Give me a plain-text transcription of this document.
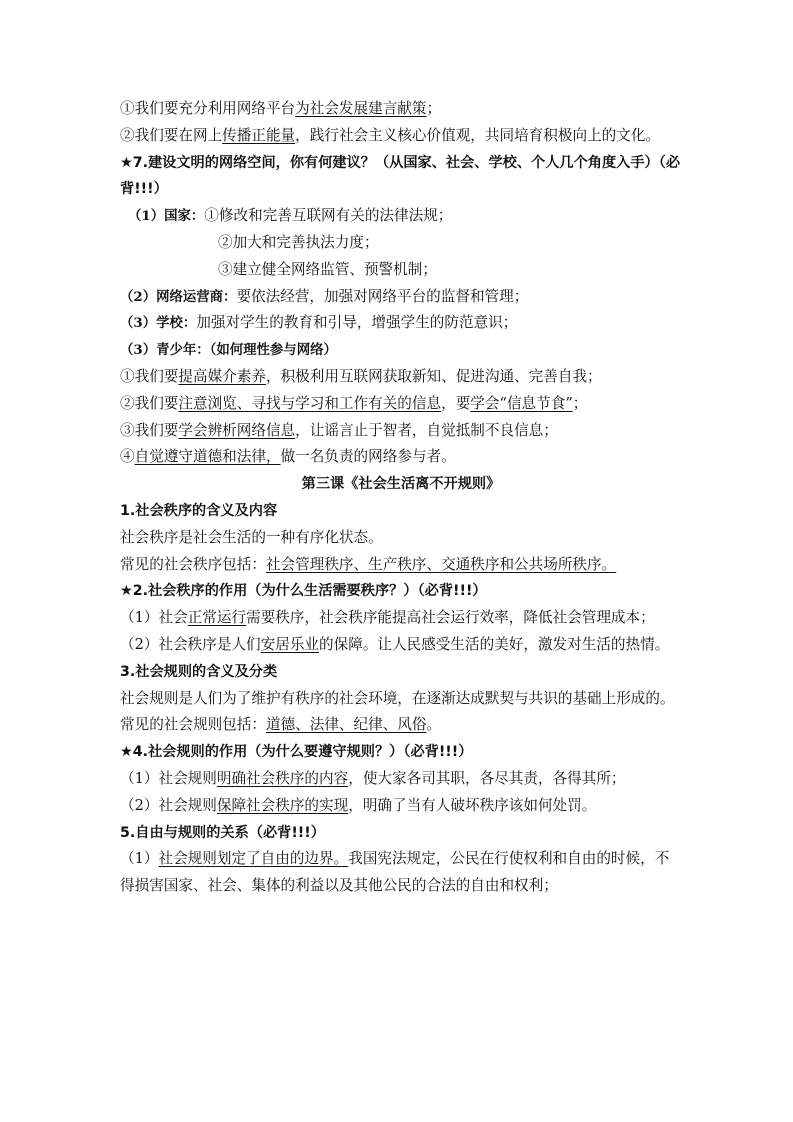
①我们要充分利用网络平台为社会发展建言献策；
②我们要在网上传播正能量，践行社会主义核心价值观，共同培育积极向上的文化。
★7.建设文明的网络空间，你有何建议？（从国家、社会、学校、个人几个角度入手）（必背!!!）
（1）国家：①修改和完善互联网有关的法律法规；
②加大和完善执法力度；
③建立健全网络监管、预警机制；
（2）网络运营商：要依法经营，加强对网络平台的监督和管理；
（3）学校：加强对学生的教育和引导，增强学生的防范意识；
（3）青少年：（如何理性参与网络）
①我们要提高媒介素养，积极利用互联网获取新知、促进沟通、完善自我；
②我们要注意浏览、寻找与学习和工作有关的信息，要学会“信息节食”；
③我们要学会辨析网络信息，让谣言止于智者，自觉抵制不良信息；
④自觉遵守道德和法律，做一名负责的网络参与者。
第三课《社会生活离不开规则》
1.社会秩序的含义及内容
社会秩序是社会生活的一种有序化状态。
常见的社会秩序包括：社会管理秩序、生产秩序、交通秩序和公共场所秩序。
★2.社会秩序的作用（为什么生活需要秩序？）（必背!!!）
（1）社会正常运行需要秩序，社会秩序能提高社会运行效率，降低社会管理成本；
（2）社会秩序是人们安居乐业的保障。让人民感受生活的美好，激发对生活的热情。
3.社会规则的含义及分类
社会规则是人们为了维护有秩序的社会环境，在逐渐达成默契与共识的基础上形成的。
常见的社会规则包括：道德、法律、纪律、风俗。
★4.社会规则的作用（为什么要遵守规则？）（必背!!!）
（1）社会规则明确社会秩序的内容，使大家各司其职，各尽其责，各得其所；
（2）社会规则保障社会秩序的实现，明确了当有人破坏秩序该如何处罚。
5.自由与规则的关系（必背!!!）
（1）社会规则划定了自由的边界。我国宪法规定，公民在行使权利和自由的时候，不得损害国家、社会、集体的利益以及其他公民的合法的自由和权利；
